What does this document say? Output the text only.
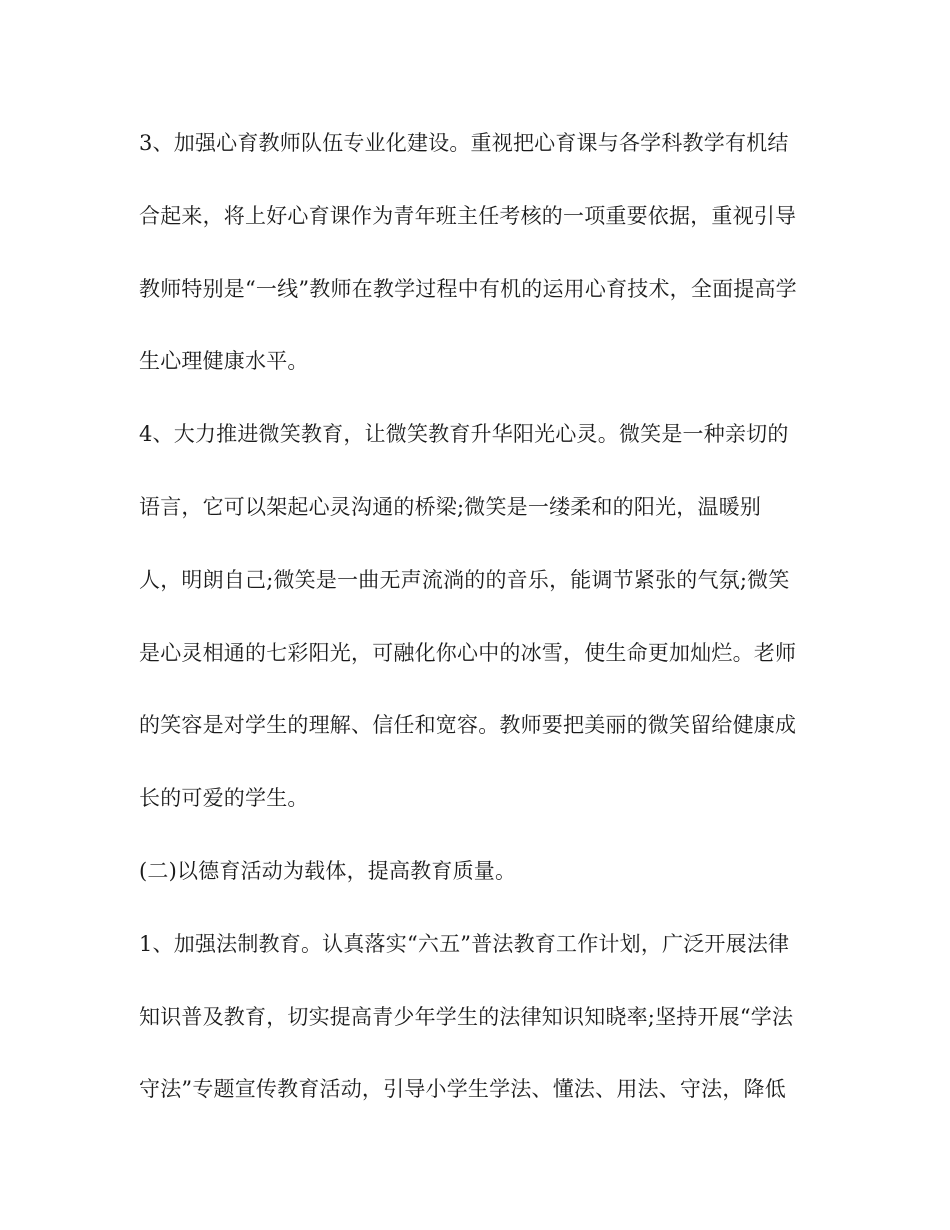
3、加强心育教师队伍专业化建设。重视把心育课与各学科教学有机结
合起来，将上好心育课作为青年班主任考核的一项重要依据，重视引导
教师特别是“一线”教师在教学过程中有机的运用心育技术，全面提高学
生心理健康水平。
4、大力推进微笑教育，让微笑教育升华阳光心灵。微笑是一种亲切的
语言，它可以架起心灵沟通的桥梁;微笑是一缕柔和的阳光，温暖别
人，明朗自己;微笑是一曲无声流淌的的音乐，能调节紧张的气氛;微笑
是心灵相通的七彩阳光，可融化你心中的冰雪，使生命更加灿烂。老师
的笑容是对学生的理解、信任和宽容。教师要把美丽的微笑留给健康成
长的可爱的学生。
(二)以德育活动为载体，提高教育质量。
1、加强法制教育。认真落实“六五”普法教育工作计划，广泛开展法律
知识普及教育，切实提高青少年学生的法律知识知晓率;坚持开展“学法
守法”专题宣传教育活动，引导小学生学法、懂法、用法、守法，降低
